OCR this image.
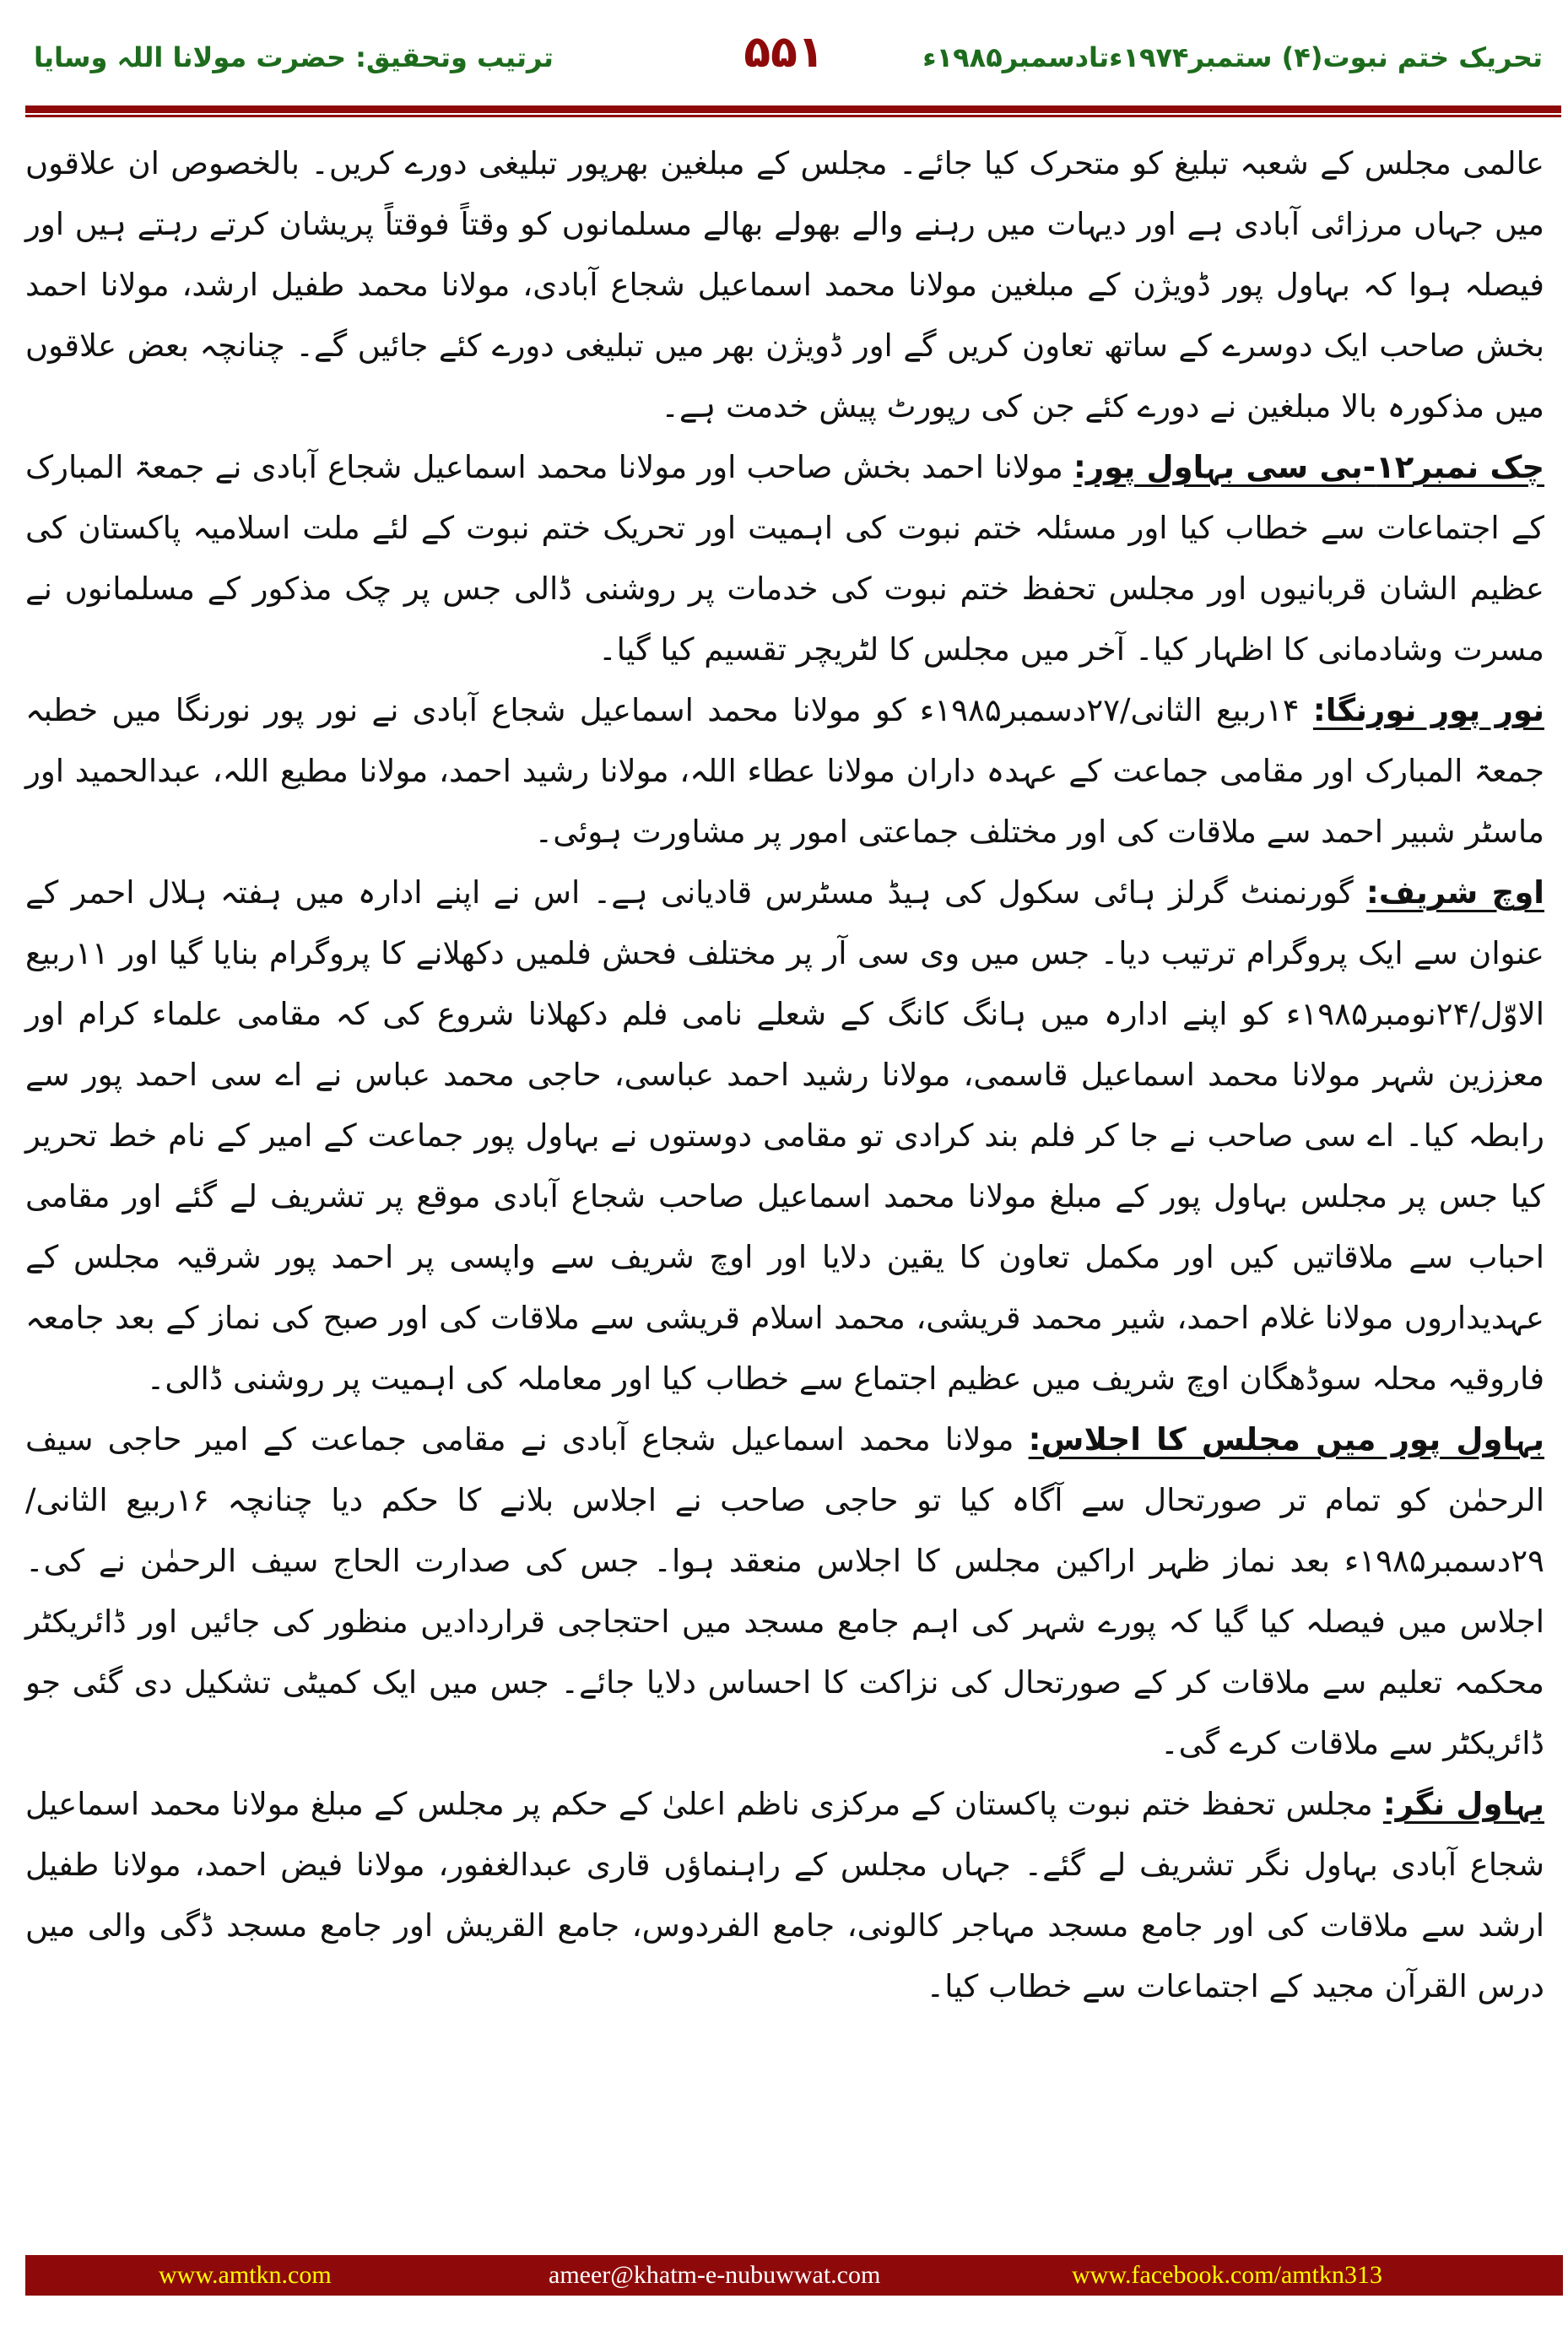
تحریک ختم نبوت(۴) ستمبر۱۹۷۴ءتادسمبر۱۹۸۵ء
۵۵۱
ترتیب وتحقیق: حضرت مولانا اللہ وسایا

عالمی مجلس کے شعبہ تبلیغ کو متحرک کیا جائے۔ مجلس کے مبلغین بھرپور تبلیغی دورے کریں۔ بالخصوص ان علاقوں میں جہاں مرزائی آبادی ہے اور دیہات میں رہنے والے بھولے بھالے مسلمانوں کو وقتاً فوقتاً پریشان کرتے رہتے ہیں اور فیصلہ ہوا کہ بہاول پور ڈویژن کے مبلغین مولانا محمد اسماعیل شجاع آبادی، مولانا محمد طفیل ارشد، مولانا احمد بخش صاحب ایک دوسرے کے ساتھ تعاون کریں گے اور ڈویژن بھر میں تبلیغی دورے کئے جائیں گے۔ چنانچہ بعض علاقوں میں مذکورہ بالا مبلغین نے دورے کئے جن کی رپورٹ پیش خدمت ہے۔

چک نمبر۱۲-بی سی بہاول پور: مولانا احمد بخش صاحب اور مولانا محمد اسماعیل شجاع آبادی نے جمعۃ المبارک کے اجتماعات سے خطاب کیا اور مسئلہ ختم نبوت کی اہمیت اور تحریک ختم نبوت کے لئے ملت اسلامیہ پاکستان کی عظیم الشان قربانیوں اور مجلس تحفظ ختم نبوت کی خدمات پر روشنی ڈالی جس پر چک مذکور کے مسلمانوں نے مسرت وشادمانی کا اظہار کیا۔ آخر میں مجلس کا لٹریچر تقسیم کیا گیا۔

نور پور نورنگا: ۱۴ربیع الثانی/۲۷دسمبر۱۹۸۵ء کو مولانا محمد اسماعیل شجاع آبادی نے نور پور نورنگا میں خطبہ جمعۃ المبارک اور مقامی جماعت کے عہدہ داران مولانا عطاء اللہ، مولانا رشید احمد، مولانا مطیع اللہ، عبدالحمید اور ماسٹر شبیر احمد سے ملاقات کی اور مختلف جماعتی امور پر مشاورت ہوئی۔

اوچ شریف: گورنمنٹ گرلز ہائی سکول کی ہیڈ مسٹرس قادیانی ہے۔ اس نے اپنے ادارہ میں ہفتہ ہلال احمر کے عنوان سے ایک پروگرام ترتیب دیا۔ جس میں وی سی آر پر مختلف فحش فلمیں دکھلانے کا پروگرام بنایا گیا اور ۱۱ربیع الاوّل/۲۴نومبر۱۹۸۵ء کو اپنے ادارہ میں ہانگ کانگ کے شعلے نامی فلم دکھلانا شروع کی کہ مقامی علماء کرام اور معززین شہر مولانا محمد اسماعیل قاسمی، مولانا رشید احمد عباسی، حاجی محمد عباس نے اے سی احمد پور سے رابطہ کیا۔ اے سی صاحب نے جا کر فلم بند کرادی تو مقامی دوستوں نے بہاول پور جماعت کے امیر کے نام خط تحریر کیا جس پر مجلس بہاول پور کے مبلغ مولانا محمد اسماعیل صاحب شجاع آبادی موقع پر تشریف لے گئے اور مقامی احباب سے ملاقاتیں کیں اور مکمل تعاون کا یقین دلایا اور اوچ شریف سے واپسی پر احمد پور شرقیہ مجلس کے عہدیداروں مولانا غلام احمد، شیر محمد قریشی، محمد اسلام قریشی سے ملاقات کی اور صبح کی نماز کے بعد جامعہ فاروقیہ محلہ سوڈھگان اوچ شریف میں عظیم اجتماع سے خطاب کیا اور معاملہ کی اہمیت پر روشنی ڈالی۔

بہاول پور میں مجلس کا اجلاس: مولانا محمد اسماعیل شجاع آبادی نے مقامی جماعت کے امیر حاجی سیف الرحمٰن کو تمام تر صورتحال سے آگاہ کیا تو حاجی صاحب نے اجلاس بلانے کا حکم دیا چنانچہ ۱۶ربیع الثانی/۲۹دسمبر۱۹۸۵ء بعد نماز ظہر اراکین مجلس کا اجلاس منعقد ہوا۔ جس کی صدارت الحاج سیف الرحمٰن نے کی۔ اجلاس میں فیصلہ کیا گیا کہ پورے شہر کی اہم جامع مسجد میں احتجاجی قراردادیں منظور کی جائیں اور ڈائریکٹر محکمہ تعلیم سے ملاقات کر کے صورتحال کی نزاکت کا احساس دلایا جائے۔ جس میں ایک کمیٹی تشکیل دی گئی جو ڈائریکٹر سے ملاقات کرے گی۔

بہاول نگر: مجلس تحفظ ختم نبوت پاکستان کے مرکزی ناظم اعلیٰ کے حکم پر مجلس کے مبلغ مولانا محمد اسماعیل شجاع آبادی بہاول نگر تشریف لے گئے۔ جہاں مجلس کے راہنماؤں قاری عبدالغفور، مولانا فیض احمد، مولانا طفیل ارشد سے ملاقات کی اور جامع مسجد مہاجر کالونی، جامع الفردوس، جامع القریش اور جامع مسجد ڈگی والی میں درس القرآن مجید کے اجتماعات سے خطاب کیا۔

www.amtkn.com	ameer@khatm-e-nubuwwat.com	www.facebook.com/amtkn313
